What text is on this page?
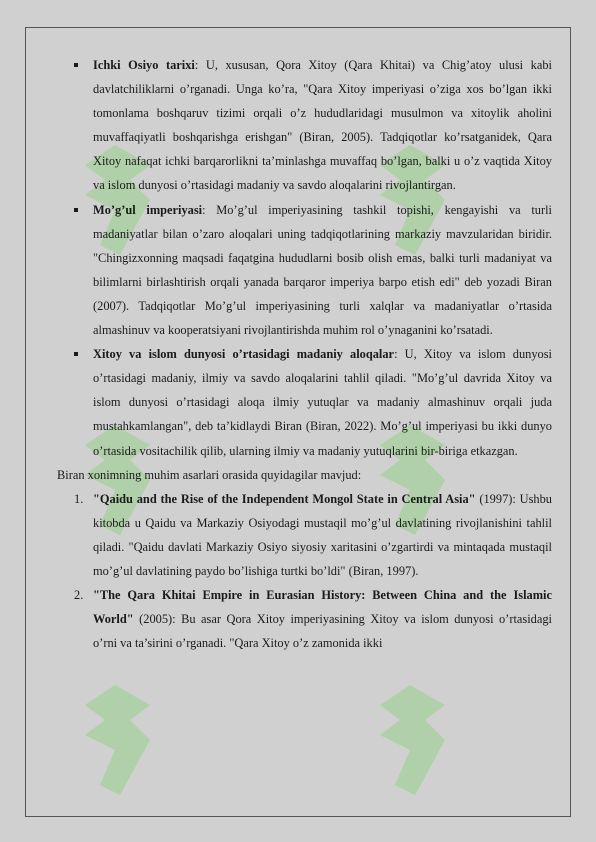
Ichki Osiyo tarixi: U, xususan, Qora Xitoy (Qara Khitai) va Chig’atoy ulusi kabi davlatchiliklarni o’rganadi. Unga ko’ra, "Qara Xitoy imperiyasi o’ziga xos bo’lgan ikki tomonlama boshqaruv tizimi orqali o’z hududlaridagi musulmon va xitoylik aholini muvaffaqiyatli boshqarishga erishgan" (Biran, 2005). Tadqiqotlar ko’rsatganidek, Qara Xitoy nafaqat ichki barqarorlikni ta’minlashga muvaffaq bo’lgan, balki u o’z vaqtida Xitoy va islom dunyosi o’rtasidagi madaniy va savdo aloqalarini rivojlantirgan.
Mo’g’ul imperiyasi: Mo’g’ul imperiyasining tashkil topishi, kengayishi va turli madaniyatlar bilan o’zaro aloqalari uning tadqiqotlarining markaziy mavzularidan biridir. "Chingizxonning maqsadi faqatgina hududlarni bosib olish emas, balki turli madaniyat va bilimlarni birlashtirish orqali yanada barqaror imperiya barpo etish edi" deb yozadi Biran (2007). Tadqiqotlar Mo’g’ul imperiyasining turli xalqlar va madaniyatlar o’rtasida almashinuv va kooperatsiyani rivojlantirishda muhim rol o’ynaganini ko’rsatadi.
Xitoy va islom dunyosi o’rtasidagi madaniy aloqalar: U, Xitoy va islom dunyosi o’rtasidagi madaniy, ilmiy va savdo aloqalarini tahlil qiladi. "Mo’g’ul davrida Xitoy va islom dunyosi o’rtasidagi aloqa ilmiy yutuqlar va madaniy almashinuv orqali juda mustahkamlangan", deb ta’kidlaydi Biran (Biran, 2022). Mo’g’ul imperiyasi bu ikki dunyo o’rtasida vositachilik qilib, ularning ilmiy va madaniy yutuqlarini bir-biriga etkazgan.

Biran xonimning muhim asarlari orasida quyidagilar mavjud:

1. "Qaidu and the Rise of the Independent Mongol State in Central Asia" (1997): Ushbu kitobda u Qaidu va Markaziy Osiyodagi mustaqil mo’g’ul davlatining rivojlanishini tahlil qiladi. "Qaidu davlati Markaziy Osiyo siyosiy xaritasini o’zgartirdi va mintaqada mustaqil mo’g’ul davlatining paydo bo’lishiga turtki bo’ldi" (Biran, 1997).
2. "The Qara Khitai Empire in Eurasian History: Between China and the Islamic World" (2005): Bu asar Qora Xitoy imperiyasining Xitoy va islom dunyosi o’rtasidagi o’rni va ta’sirini o’rganadi. "Qara Xitoy o’z zamonida ikki
